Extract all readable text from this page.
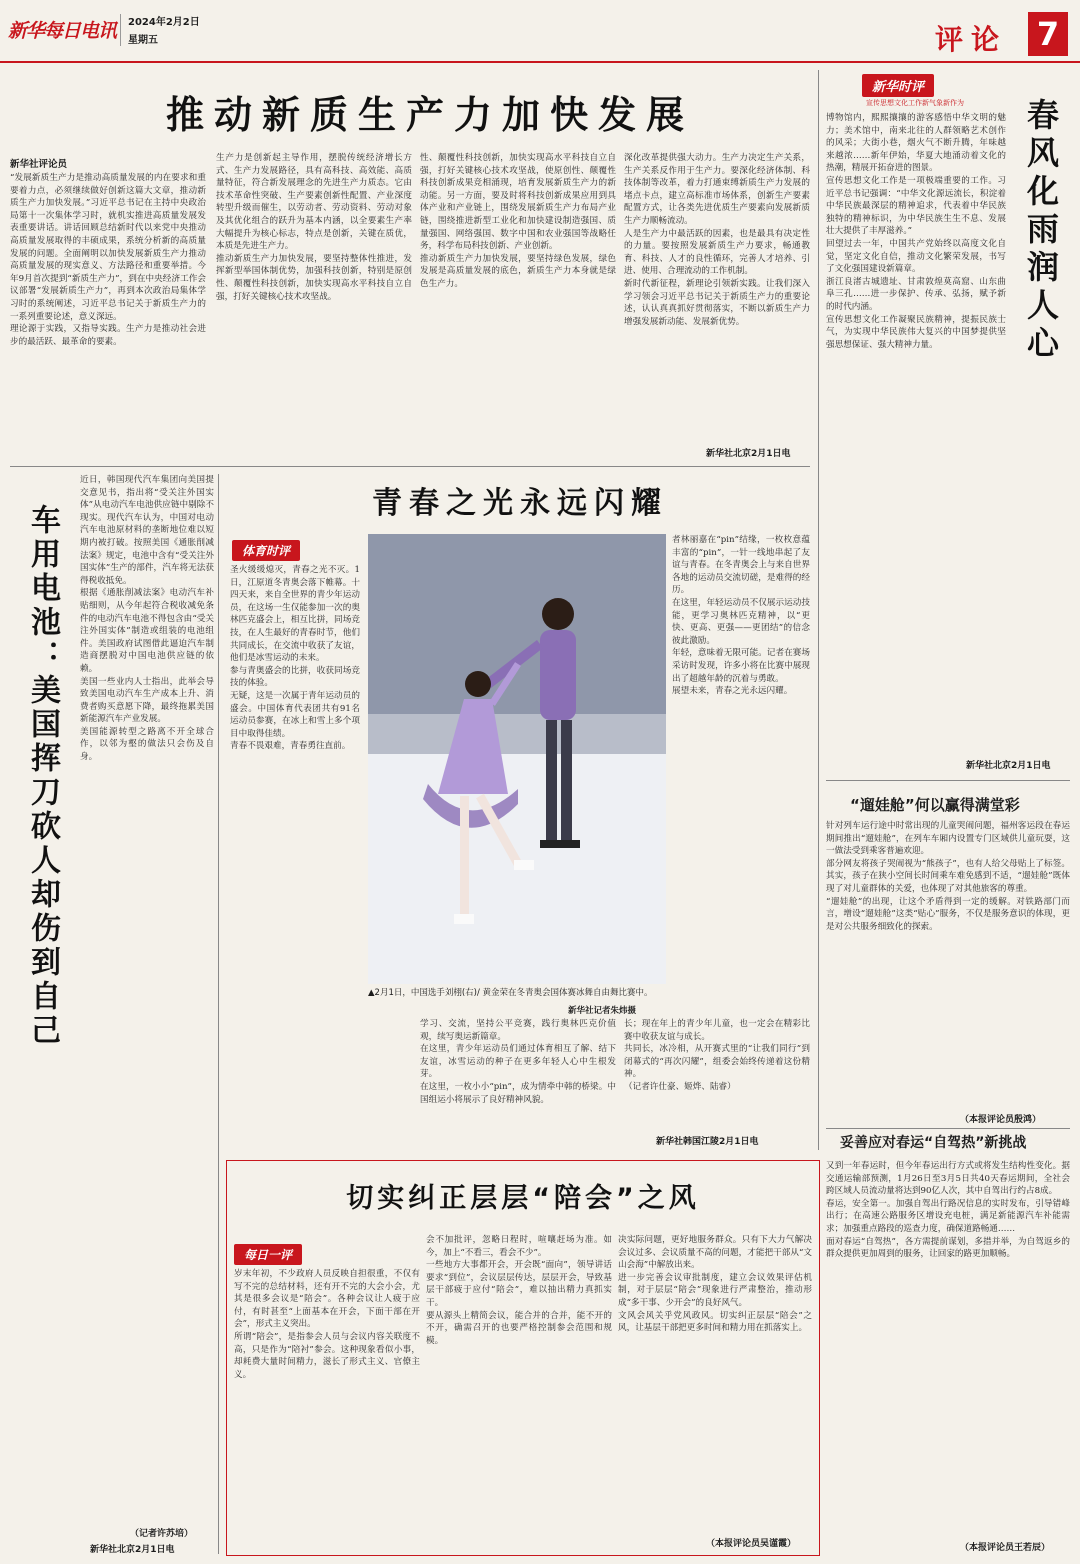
新华每日电讯 2024年2月2日
星期五	评论 7
推动新质生产力加快发展
新华社评论员
“发展新质生产力是推动高质量发展的内在要求和重要着力点，必须继续做好创新这篇大文章，推动新质生产力加快发展。”习近平总书记在主持中央政治局第十一次集体学习时，就机实推进高质量发展发表重要讲话。讲话回顾总结新时代以来党中央推动高质量发展取得的丰硕成果，系统分析新的高质量发展的问题。全面阐明以加快发展新质生产力推动高质量发展的现实意义、方法路径和重要举措。今年9月首次提到“新质生产力”，到在中央经济工作会议部署“发展新质生产力”，再到本次政治局集体学习时的系统阐述，习近平总书记关于新质生产力的一系列重要论述，意义深远。
理论源于实践，又指导实践。生产力是推动社会进步的最活跃、最革命的要素。
生产力是创新起主导作用，摆脱传统经济增长方式、生产力发展路径，具有高科技、高效能、高质量特征，符合新发展理念的先进生产力质态。它由技术革命性突破、生产要素创新性配置、产业深度转型升级而催生，以劳动者、劳动资料、劳动对象及其优化组合的跃升为基本内涵，以全要素生产率大幅提升为核心标志，特点是创新，关键在质优，本质是先进生产力。
推动新质生产力加快发展，要坚持整体性推进，发挥新型举国体制优势，加强科技创新，特别是原创性、颠覆性科技创新，加快实现高水平科技自立自强，打好关键核心技术攻坚战。
性、颠覆性科技创新，加快实现高水平科技自立自强，打好关键核心技术攻坚战，使原创性、颠覆性科技创新成果竞相涌现，培育发展新质生产力的新动能。另一方面，要及时将科技创新成果应用到具体产业和产业链上，围绕发展新质生产力布局产业链，围绕推进新型工业化和加快建设制造强国、质量强国、网络强国、数字中国和农业强国等战略任务，科学布局科技创新、产业创新。
推动新质生产力加快发展，要坚持绿色发展，绿色发展是高质量发展的底色，新质生产力本身就是绿色生产力。
深化改革提供强大动力。生产力决定生产关系，生产关系反作用于生产力。要深化经济体制、科技体制等改革，着力打通束缚新质生产力发展的堵点卡点，建立高标准市场体系，创新生产要素配置方式，让各类先进优质生产要素向发展新质生产力顺畅流动。
人是生产力中最活跃的因素，也是最具有决定性的力量。要按照发展新质生产力要求，畅通教育、科技、人才的良性循环，完善人才培养、引进、使用、合理流动的工作机制。
新时代新征程，新理论引领新实践。让我们深入学习领会习近平总书记关于新质生产力的重要论述，认认真真抓好贯彻落实，不断以新质生产力增强发展新动能、发展新优势。
新华社北京2月1日电
新华时评
宣传思想文化工作新气象新作为 春风化雨润人心
博物馆内，熙熙攘攘的游客感悟中华文明的魅力；美术馆中，南来北往的人群领略艺术创作的风采；大街小巷，烟火气不断升腾，年味越来越浓……新年伊始，华夏大地涌动着文化的热潮，精展开拓奋进的图景。
宣传思想文化工作是一项极端重要的工作。习近平总书记强调：“中华文化源远流长，积淀着中华民族最深层的精神追求，代表着中华民族独特的精神标识，为中华民族生生不息、发展壮大提供了丰厚滋养。”
回望过去一年，中国共产党始终以高度文化自觉，坚定文化自信，推动文化繁荣发展，书写了文化强国建设新篇章。
浙江良渚古城遗址、甘肃敦煌莫高窟、山东曲阜三孔……进一步保护、传承、弘扬，赋予新的时代内涵。
宣传思想文化工作凝聚民族精神，提振民族士气，为实现中华民族伟大复兴的中国梦提供坚强思想保证、强大精神力量。
新华社北京2月1日电
“遛娃舱”何以赢得满堂彩
针对列车运行途中时常出现的儿童哭闹问题，福州客运段在春运期间推出“遛娃舱”，在列车车厢内设置专门区域供儿童玩耍，这一做法受到乘客普遍欢迎。
部分网友将孩子哭闹视为“熊孩子”，也有人给父母贴上了标签。其实，孩子在狭小空间长时间乘车难免感到不适，“遛娃舱”既体现了对儿童群体的关爱，也体现了对其他旅客的尊重。
“遛娃舱”的出现，让这个矛盾得到一定的缓解。对铁路部门而言，增设“遛娃舱”这类“贴心”服务，不仅是服务意识的体现，更是对公共服务细致化的探索。
（本报评论员殷鸿）
妥善应对春运“自驾热”新挑战
又到一年春运时，但今年春运出行方式或将发生结构性变化。据交通运输部预测，1月26日至3月5日共40天春运期间，全社会跨区域人员流动量将达到90亿人次，其中自驾出行约占8成。
春运，安全第一。加强自驾出行路况信息的实时发布，引导错峰出行；在高速公路服务区增设充电桩，满足新能源汽车补能需求；加强重点路段的巡查力度，确保道路畅通……
面对春运“自驾热”，各方需提前谋划，多措并举，为自驾返乡的群众提供更加周到的服务，让回家的路更加顺畅。
（本报评论员王若辰）
车用电池：美国挥刀砍人却伤到自己
近日，韩国现代汽车集团向美国提交意见书，指出将“受关注外国实体”从电动汽车电池供应链中剔除不现实。现代汽车认为，中国对电动汽车电池原材料的垄断地位难以短期内被打破。按照美国《通胀削减法案》规定，电池中含有“受关注外国实体”生产的部件，汽车将无法获得税收抵免。
根据《通胀削减法案》电动汽车补贴细则，从今年起符合税收减免条件的电动汽车电池不得包含由“受关注外国实体”制造或组装的电池组件。美国政府试图借此逼迫汽车制造商摆脱对中国电池供应链的依赖。
美国一些业内人士指出，此举会导致美国电动汽车生产成本上升、消费者购买意愿下降，最终拖累美国新能源汽车产业发展。
美国能源转型之路离不开全球合作，以邻为壑的做法只会伤及自身。
（记者许苏培）
新华社北京2月1日电
青春之光永远闪耀
体育时评
▲2月1日，中国选手刘栩(右)/ 黄金荣在冬青奥会国体赛冰舞自由舞比赛中。
新华社记者朱炜摄
圣火缓缓熄灭，青春之光不灭。1日，江原道冬青奥会落下帷幕。十四天来，来自全世界的青少年运动员，在这场一生仅能参加一次的奥林匹克盛会上，相互比拼，同场竞技，在人生最好的青春时节，他们共同成长，在交流中收获了友谊，他们是冰雪运动的未来。
参与青奥盛会的比拼，收获同场竞技的体验。
无疑，这是一次属于青年运动员的盛会。中国体育代表团共有91名运动员参赛，在冰上和雪上多个项目中取得佳绩。
青春不畏艰难，青春勇往直前。
者林丽嘉在“pin”结缘，一枚枚意蕴丰富的“pin”，一针一线地串起了友谊与青春。在冬青奥会上与来自世界各地的运动员交流切磋，是难得的经历。
在这里，年轻运动员不仅展示运动技能，更学习奥林匹克精神，以“更快、更高、更强——更团结”的信念彼此激励。
年轻，意味着无限可能。记者在赛场采访时发现，许多小将在比赛中展现出了超越年龄的沉着与勇敢。
展望未来，青春之光永远闪耀。
学习、交流，坚持公平竞赛，践行奥林匹克价值观，续写奥运新篇章。
在这里，青少年运动员们通过体育相互了解、结下友谊，冰雪运动的种子在更多年轻人心中生根发芽。
在这里，一枚小小“pin”，成为情牵中韩的桥梁。中国组运小将展示了良好精神风貌。
长；现在年上的青少年儿童，也一定会在精彩比赛中收获友谊与成长。
共同长，冰冷相，从开赛式里的“让我们同行”到闭幕式的“再次闪耀”，组委会始终传递着这份精神。
（记者许仕豪、姬烨、陆睿）
新华社韩国江陵2月1日电
切实纠正层层“陪会”之风
每日一评
岁末年初，不少政府人员反映自担很重，不仅有写不完的总结材料，还有开不完的大会小会，尤其是很多会议是“陪会”。各种会议让人疲于应付，有时甚至“上面基本在开会，下面干部在开会”，形式主义突出。
所谓“陪会”，是指参会人员与会议内容关联度不高，只是作为“陪衬”参会。这种现象看似小事，却耗费大量时间精力，滋长了形式主义、官僚主义。
会不加批评，忽略日程时，喧嚷赶场为准。如今，加上“不看三，看会不少”。
一些地方大事都开会，开会既“面向”，领导讲话要求“到位”，会议层层传达，层层开会，导致基层干部疲于应付“陪会”，难以抽出精力真抓实干。
要从源头上精简会议，能合并的合并，能不开的不开，确需召开的也要严格控制参会范围和规模。
决实际问题，更好地服务群众。只有下大力气解决会议过多、会议质量不高的问题，才能把干部从“文山会海”中解放出来。
进一步完善会议审批制度，建立会议效果评估机制，对于层层“陪会”现象进行严肃整治，推动形成“多干事、少开会”的良好风气。
文风会风关乎党风政风。切实纠正层层“陪会”之风，让基层干部把更多时间和精力用在抓落实上。
（本报评论员吴谨霞）
